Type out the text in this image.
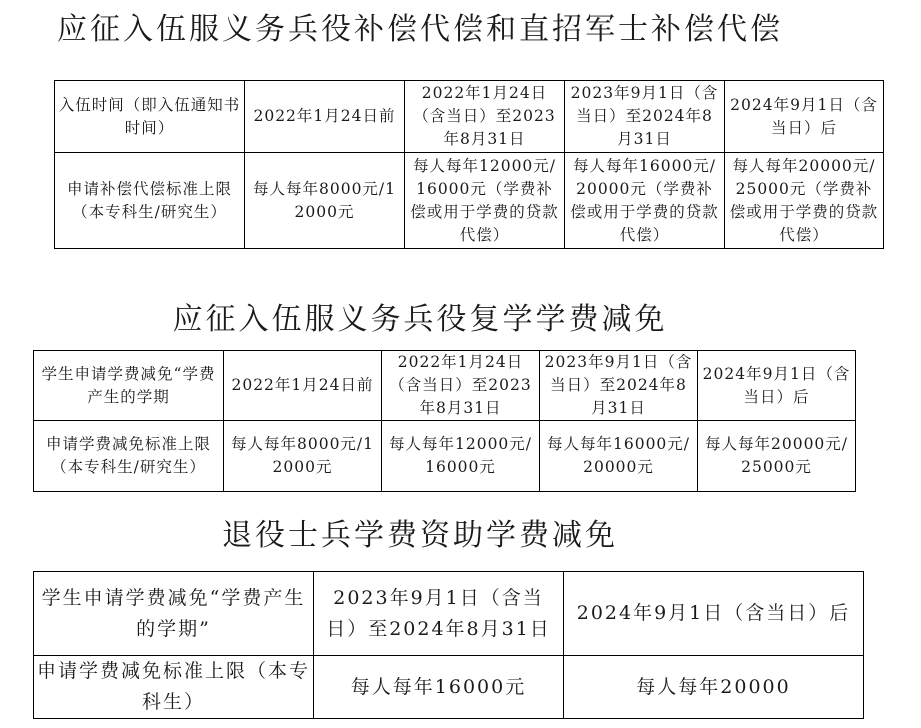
应征入伍服义务兵役补偿代偿和直招军士补偿代偿
入伍时间（即入伍通知书时间）	2022年1月24日前	2022年1月24日（含当日）至2023年8月31日	2023年9月1日（含当日）至2024年8月31日	2024年9月1日（含当日）后
申请补偿代偿标准上限（本专科生/研究生）	每人每年8000元/12000元	每人每年12000元/16000元（学费补偿或用于学费的贷款代偿）	每人每年16000元/20000元（学费补偿或用于学费的贷款代偿）	每人每年20000元/25000元（学费补偿或用于学费的贷款代偿）
应征入伍服义务兵役复学学费减免
学生申请学费减免“学费产生的学期	2022年1月24日前	2022年1月24日（含当日）至2023年8月31日	2023年9月1日（含当日）至2024年8月31日	2024年9月1日（含当日）后
申请学费减免标准上限（本专科生/研究生）	每人每年8000元/12000元	每人每年12000元/16000元	每人每年16000元/20000元	每人每年20000元/25000元
退役士兵学费资助学费减免
学生申请学费减免“学费产生的学期”	2023年9月1日（含当日）至2024年8月31日	2024年9月1日（含当日）后
申请学费减免标准上限（本专科生）	每人每年16000元	每人每年20000
